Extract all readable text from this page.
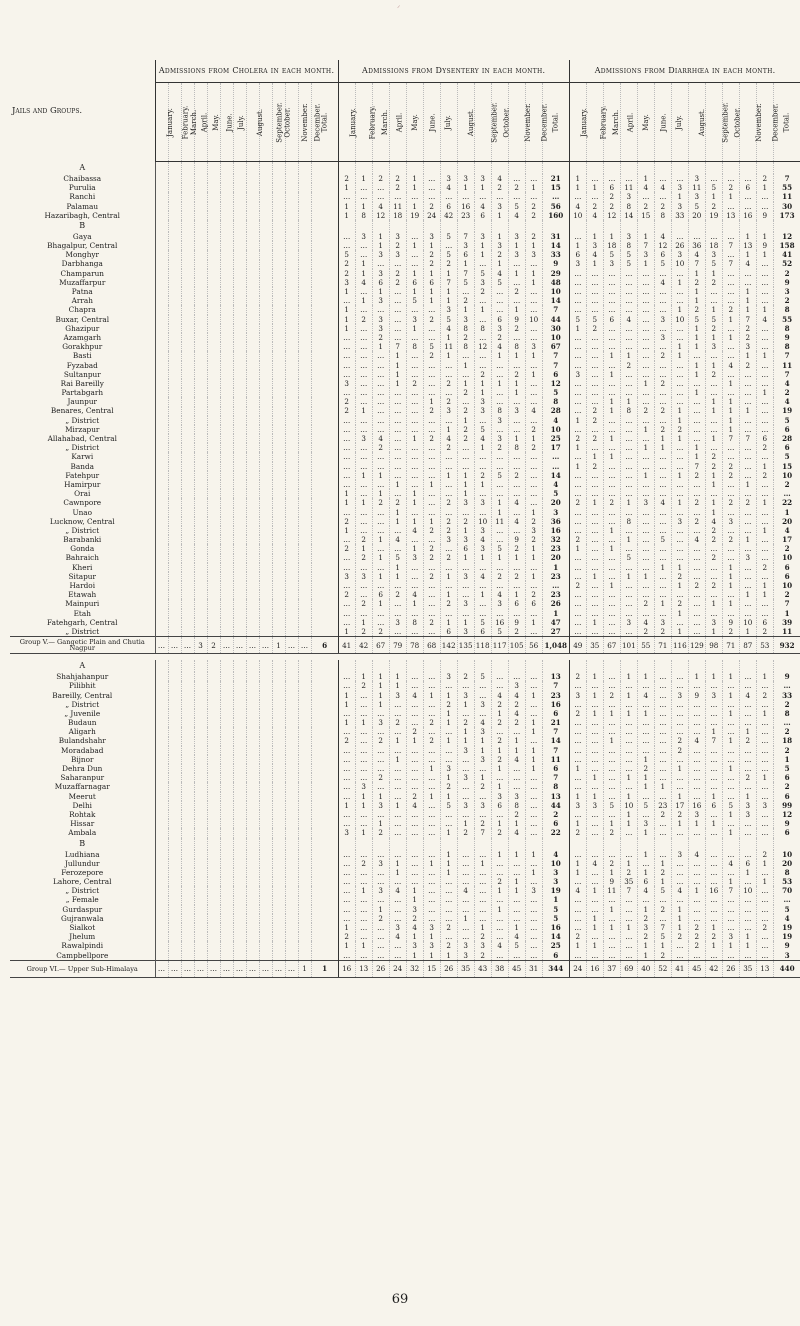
ᐟ
Jails and Groups.	Admissions from Cholera in each month.													Admissions from Dysentery in each month.													Admissions from Diarrhœa in each month.												
	January.	February.	March.	April.	May.	June.	July.	August.	September.	October.	November.	December.	Total.	January.	February.	March.	April.	May.	June.	July.	August.	September.	October.	November.	December.	Total.	January.	February.	March.	April.	May.	June.	July.	August.	September.	October.	November.	December.	Total.
A																																							
Chaibassa														2	1	2	2	1	…	3	3	3	4	…	…	21	1	…	…	…	1	…	…	3	…	…	…	2	7
Purulia														1	…	…	2	1	…	4	1	1	2	2	1	15	1	1	6	11	4	4	3	11	5	2	6	1	55
Ranchi														…	…	…	…	…	…	…	…	…	…	…	…	…	…	…	2	3	…	…	1	3	1	1	…	…	11
Palamau														1	1	4	11	1	2	6	16	4	3	5	2	56	4	2	2	8	2	2	3	5	2	…	…	…	30
Hazaribagh, Central														1	8	12	18	19	24	42	23	6	1	4	2	160	10	4	12	14	15	8	33	20	19	13	16	9	173
B																																							
Gaya														…	3	1	3	…	3	5	7	3	1	3	2	31	…	1	1	3	1	4	…	…	…	…	1	1	12
Bhagalpur, Central														…	…	1	2	1	1	…	3	1	3	1	1	14	1	3	18	8	7	12	26	36	18	7	13	9	158
Monghyr														5	…	3	3	…	2	5	6	1	2	3	3	33	6	4	5	5	3	6	3	4	3	…	1	1	41
Darbhanga														2	1	…	…	…	2	2	1	…	1	…	…	9	3	1	3	5	1	5	10	7	5	7	4	…	52
Champarun														2	1	3	2	1	1	1	7	5	4	1	1	29	…	…	…	…	…	…	…	1	1	…	…	…	2
Muzaffarpur														3	4	6	2	6	6	7	5	3	5	…	1	48	…	…	…	…	…	4	1	2	2	…	…	…	9
Patna														1	…	1	…	1	1	1	…	2	…	2	…	10	…	…	…	…	…	…	…	1	…	…	1	…	3
Arrah														…	1	3	…	5	1	1	2	…	…	…	…	14	…	…	…	…	…	…	…	1	…	…	1	…	2
Chapra														1	…	…	…	…	…	3	1	1	…	1	…	7	…	…	…	…	…	…	1	2	1	2	1	1	8
Buxar, Central														1	2	3	…	3	2	5	3	…	6	9	10	44	5	5	6	4	…	3	10	5	5	1	7	4	55
Ghazipur														1	…	3	…	1	…	4	8	8	3	2	…	30	1	2	…	…	…	…	…	1	2	…	2	…	8
Azamgarh														…	…	2	…	…	…	1	2	…	2	…	…	10	…	…	…	…	…	3	…	1	1	1	2	…	9
Gorakhpur														…	…	1	7	8	5	11	8	12	4	8	3	67	…	…	…	…	…	…	1	1	3	…	3	…	8
Basti														…	…	…	1	…	2	1	…	…	1	1	1	7	…	…	1	1	…	2	1	…	…	…	1	1	7
Fyzabad														…	…	…	1	…	…	…	1	…	…	…	…	7	…	…	…	2	…	…	…	1	1	4	2	…	11
Sultanpur														…	…	…	1	…	…	…	…	2	…	2	1	6	3	…	1	…	…	…	…	1	2	…	…	…	7
Rai Bareilly														3	…	…	1	2	…	2	1	1	1	1	…	12	…	…	…	…	1	2	…	…	…	1	…	…	4
Partabgarh														…	…	…	…	…	…	…	2	1	…	1	…	5	…	…	…	…	…	…	…	1	…	…	…	1	2
Jaunpur														2	…	…	…	…	1	2	…	3	…	…	…	8	…	…	1	1	…	…	…	…	1	1	…	…	4
Benares, Central														2	1	…	…	…	2	3	2	3	8	3	4	28	…	2	1	8	2	2	1	…	1	1	1	…	19
„ District														…	…	…	…	…	…	…	1	…	3	…	…	4	1	2	…	…	…	…	1	…	…	1	…	…	5
Mirzapur														…	…	…	…	…	…	1	2	5	…	…	2	10	…	…	…	…	1	2	2	…	…	1	…	…	6
Allahabad, Central														…	3	4	…	1	2	4	2	4	3	1	1	25	2	2	1	…	…	1	1	…	1	7	7	6	28
„ District														…	…	2	…	…	…	2	…	1	2	8	2	17	1	…	…	…	1	1	…	1	…	…	…	2	6
Karwi														…	…	…	…	…	…	…	…	…	…	…	…	…	…	1	1	…	…	…	…	1	2	…	…	…	5
Banda														…	…	…	…	…	…	…	…	…	…	…	…	…	1	2	…	…	…	…	…	7	2	2	…	1	15
Fatehpur														…	1	1	…	…	…	1	1	2	5	2	…	14	…	…	…	…	1	…	1	2	1	2	…	2	10
Hamirpur														…	…	…	1	…	1	…	1	1	…	…	…	4	…	…	…	…	…	…	…	…	1	…	1	…	2
Orai														1	…	1	…	1	…	…	1	…	…	…	…	5	…	…	…	…	…	…	…	…	…	…	…	…	…
Cawnpore														1	1	2	2	1	…	2	3	3	1	4	…	20	2	1	2	1	3	4	1	2	1	2	2	1	22
Unao														…	…	…	1	…	…	…	…	…	1	…	1	3	…	…	…	…	…	…	…	…	1	…	…	…	1
Lucknow, Central														2	…	…	1	1	1	2	2	10	11	4	2	36	…	…	…	8	…	…	3	2	4	3	…	…	20
„ District														1	…	…	…	4	2	2	1	3	…	…	3	16	…	…	1	…	…	…	…	…	2	…	…	1	4
Barabanki														…	2	1	4	…	…	3	3	4	…	9	2	32	2	…	…	1	…	5	…	4	2	2	1	…	17
Gonda														2	1	…	…	1	2	…	6	3	5	2	1	23	1	…	1	…	…	…	…	…	…	…	…	…	2
Bahraich														…	2	1	5	3	2	2	1	1	1	1	1	20	…	…	…	5	…	…	…	…	2	…	3	…	10
Kheri														…	…	…	1	…	…	…	…	…	…	…	…	1	…	…	…	…	…	1	1	…	…	1	…	2	6
Sitapur														3	3	1	1	…	2	1	3	4	2	2	1	23	…	1	…	1	1	…	2	…	…	1	…	…	6
Hardoi														…	…	…	…	…	…	…	…	…	…	…	…	…	2	…	1	…	…	…	1	2	2	1	…	1	10
Etawah														2	…	6	2	4	…	1	…	1	4	1	2	23	…	…	…	…	…	…	…	…	…	…	1	1	2
Mainpuri														…	2	1	…	1	…	2	3	…	3	6	6	26	…	…	…	…	2	1	2	…	1	1	…	…	7
Etah														…	…	…	…	…	…	…	…	…	…	…	…	1	…	…	…	…	…	…	1	…	…	…	…	…	1
Fatehgarh, Central														…	1	…	3	8	2	1	1	5	16	9	1	47	…	1	…	3	4	3	…	…	3	9	10	6	39
„ District														1	2	2	…	…	…	6	3	6	5	2	…	27	…	…	…	…	2	2	1	…	1	2	1	2	11
Group V.— Gangetic Plain and Chutia Nagpur	…	…	…	3	2	…	…	…	…	1	…	…	6	41	42	67	79	78	68	142	135	118	117	105	56	1,048	49	35	67	101	55	71	116	129	98	71	87	53	932

A																																							
Shahjahanpur														…	1	1	1	…	…	3	2	5	…	…	…	13	2	1	…	1	1	…	…	1	1	1	…	1	9
Pilibhit														…	2	1	1	…	…	…	…	…	…	3	…	7	…	…	…	…	…	…	…	…	…	…	…	…	…
Bareilly, Central														1	…	1	3	4	1	1	3	…	4	4	1	23	3	1	2	1	4	…	3	9	3	1	4	2	33
„ District														1	…	1	…	…	…	2	1	3	2	2	…	16	…	…	…	…	…	…	…	…	…	…	…	…	2
„ Juvenile														…	…	…	…	…	…	1	…	…	1	4	…	6	2	1	1	1	1	…	…	…	…	1	…	1	8
Budaun														1	1	3	2	…	2	1	2	4	2	2	1	21	…	…	…	…	…	…	…	…	…	…	…	…	…
Aligarh														…	…	…	…	2	…	…	1	3	…	…	1	7	…	…	…	…	…	…	…	…	1	…	1	…	2
Bulandshahr														2	…	2	1	1	2	1	1	1	2	1	…	14	…	…	1	…	…	…	2	4	7	1	2	…	18
Moradabad														…	…	…	…	…	…	…	3	1	1	1	1	7	…	…	…	…	…	…	2	…	…	…	…	…	2
Bijnor														…	…	…	1	…	…	…	…	3	2	4	1	11	…	…	…	…	1	…	…	…	…	…	…	…	1
Dehra Dun														…	…	…	…	…	1	3	…	…	1	…	1	6	1	…	…	…	2	…	1	…	…	1	…	…	5
Saharanpur														…	…	2	…	…	…	1	3	1	…	…	…	7	…	1	…	1	1	…	…	…	…	…	2	1	6
Muzaffarnagar														…	3	…	…	…	…	2	…	2	1	…	…	8	…	…	…	…	1	1	…	…	…	…	…	…	2
Meerut														…	1	1	…	2	1	1	…	…	3	3	…	13	1	1	…	1	…	…	1	…	1	…	1	…	6
Delhi														1	1	3	1	4	…	5	3	3	6	8	…	44	3	3	5	10	5	23	17	16	6	5	3	3	99
Rohtak														…	…	…	…	…	…	…	…	…	…	2	…	2	…	…	…	1	…	2	2	3	…	1	3	…	12
Hissar														…	…	1	…	…	…	…	1	2	1	1	…	6	1	…	1	1	3	…	1	1	1	…	…	…	9
Ambala														3	1	2	…	…	…	1	2	7	2	4	…	22	2	…	2	…	1	…	…	…	…	1	…	…	6
B																																							
Ludhiana														…	…	…	…	…	…	1	…	…	1	1	1	4	…	…	…	…	1	…	3	4	…	…	…	2	10
Jullundur														…	2	3	1	…	1	1	…	1	…	…	…	10	1	4	2	1	…	1	…	…	…	4	6	1	20
Ferozepore														…	…	…	1	…	…	1	…	…	…	…	1	3	1	…	1	2	1	2	…	…	…	…	1	…	8
Lahore, Central														…	…	…	…	…	…	…	…	…	2	1	…	3	…	…	9	35	6	1	…	…	…	1	…	1	53
„ District														…	1	3	4	1	…	…	4	…	1	1	3	19	4	1	11	7	4	5	4	1	16	7	10	…	70
„ Female														…	…	…	…	1	…	…	…	…	…	…	…	1	…	…	…	…	…	…	…	…	…	…	…	…	…
Gurdaspur														…	…	1	…	3	…	…	…	…	1	…	…	5	…	…	1	…	1	2	1	…	…	…	…	…	5
Gujranwala														…	…	2	…	2	…	…	1	…	…	…	…	5	…	1	…	…	2	…	1	…	…	…	…	…	4
Sialkot														1	…	…	3	4	3	2	…	1	…	1	…	16	…	1	1	1	3	7	1	2	1	…	…	2	19
Jhelum														2	…	…	4	1	1	…	…	2	…	4	…	14	2	…	…	…	2	5	2	2	2	3	1	…	19
Rawalpindi														1	1	…	…	3	3	2	3	3	4	5	…	25	1	1	…	…	1	1	…	2	1	1	1	…	9
Campbellpore														…	…	…	…	1	1	1	3	2	…	…	…	6	…	…	…	…	1	2	…	…	…	…	…	…	3
Group VI.— Upper Sub-Himalaya	…	…	…	…	…	…	…	…	…	…	…	1	1	16	13	26	24	32	15	26	35	43	38	45	31	344	24	16	37	69	40	52	41	45	42	26	35	13	440

69
